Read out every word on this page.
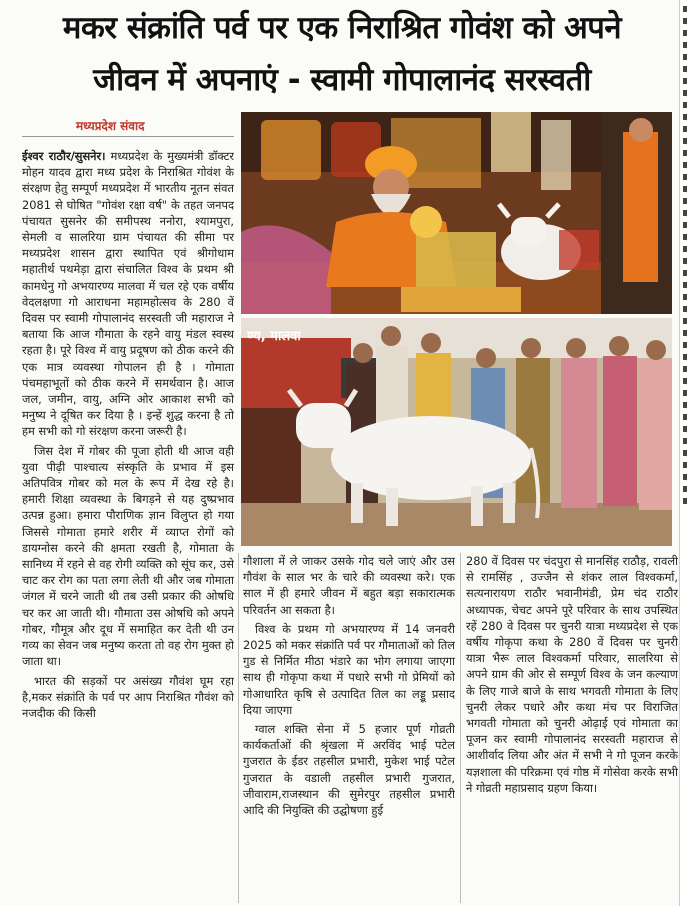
मकर संक्रांति पर्व पर एक निराश्रित गोवंश को अपने
जीवन में अपनाएं - स्वामी गोपालानंद सरस्वती
मध्यप्रदेश संवाद
ण्य, मालवा

ईश्वर राठौर/सुसनेर। मध्यप्रदेश के मुख्यमंत्री डॉक्टर मोहन यादव द्वारा मध्य प्रदेश के निराश्रित गोवंश के संरक्षण हेतु सम्पूर्ण मध्यप्रदेश में भारतीय नूतन संवत 2081 से घोषित "गोवंश रक्षा वर्ष" के तहत जनपद पंचायत सुसनेर की समीपस्थ ननोरा, श्यामपुरा, सेमली व सालरिया ग्राम पंचायत की सीमा पर मध्यप्रदेश शासन द्वारा स्थापित एवं श्रीगोधाम महातीर्थ पथमेड़ा द्वारा संचालित विश्व के प्रथम श्री कामधेनु गो अभयारण्य मालवा में चल रहे एक वर्षीय वेदलक्षणा गो आराधना महामहोत्सव के 280 वें दिवस पर स्वामी गोपालानंद सरस्वती जी महाराज ने बताया कि आज गौमाता के रहने वायु मंडल स्वस्थ रहता है। पूरे विश्व में वायु प्रदूषण को ठीक करने की एक मात्र व्यवस्था गोपालन ही है । गोमाता पंचमहाभूतों को ठीक करने में समर्थवान है। आज जल, जमीन, वायु, अग्नि ओर आकाश सभी को मनुष्य ने दूषित कर दिया है । इन्हें शुद्ध करना है तो हम सभी को गो संरक्षण करना जरूरी है।

जिस देश में गोबर की पूजा होती थी आज वही युवा पीढ़ी पाश्चात्य संस्कृति के प्रभाव में इस अतिपवित्र गोबर को मल के रूप में देख रहे है। हमारी शिक्षा व्यवस्था के बिगड़ने से यह दुष्प्रभाव उत्पन्न हुआ। हमारा पौराणिक ज्ञान विलुप्त हो गया जिससे गोमाता हमारे शरीर में व्याप्त रोगों को डायग्नोस करने की क्षमता रखती है, गोमाता के सानिध्य में रहने से वह रोगी व्यक्ति को सूंघ कर, उसे चाट कर रोग का पता लगा लेती थी और जब गोमाता जंगल में चरने जाती थी तब उसी प्रकार की ओषधि चर कर आ जाती थी। गौमाता उस ओषधि को अपने गोबर, गौमूत्र और दूध में समाहित कर देती थी उन गव्य का सेवन जब मनुष्य करता तो वह रोग मुक्त हो जाता था।

भारत की सड़कों पर असंख्य गौवंश घूम रहा है,मकर संक्रांति के पर्व पर आप निराश्रित गौवंश को नजदीक की किसी

गौशाला में ले जाकर उसके गोद चले जाएं और उस गौवंश के साल भर के चारे की व्यवस्था करे। एक साल में ही हमारे जीवन में बहुत बड़ा सकारात्मक परिवर्तन आ सकता है।

विश्व के प्रथम गो अभयारण्य में 14 जनवरी 2025 को मकर संक्रांति पर्व पर गौमाताओं को तिल गुड से निर्मित मीठा भंडारे का भोग लगाया जाएगा साथ ही गोकृपा कथा में पधारे सभी गो प्रेमियों को गोआधारित कृषि से उत्पादित तिल का लड्डू प्रसाद दिया जाएगा

ग्वाल शक्ति सेना में 5 हजार पूर्ण गोव्रती कार्यकर्ताओं की श्रृंखला में अरविंद भाई पटेल गुजरात के ईडर तहसील प्रभारी, मुकेश भाई पटेल गुजरात के वडाली तहसील प्रभारी गुजरात, जीवाराम,राजस्थान की सुमेरपुर तहसील प्रभारी आदि की नियुक्ति की उद्घोषणा हुई

280 वें दिवस पर चंदपुरा से मानसिंह राठौड़, रावली से रामसिंह , उज्जैन से शंकर लाल विश्वकर्मा, सत्यनारायण राठौर भवानीमंडी, प्रेम चंद राठौर अध्यापक, चेचट अपने पूरे परिवार के साथ उपस्थित रहें 280 वे दिवस पर चुनरी यात्रा मध्यप्रदेश से एक वर्षीय गोकृपा कथा के 280 वें दिवस पर चुनरी यात्रा भैरू लाल विश्वकर्मा परिवार, सालरिया से अपने ग्राम की ओर से सम्पूर्ण विश्व के जन कल्याण के लिए गाजे बाजे के साथ भगवती गोमाता के लिए चुनरी लेकर पधारे और कथा मंच पर विराजित भगवती गोमाता को चुनरी ओढ़ाई एवं गोमाता का पूजन कर स्वामी गोपालानंद सरस्वती महाराज से आशीर्वाद लिया और अंत में सभी ने गो पूजन करके यज्ञशाला की परिक्रमा एवं गोष्ठ में गोसेवा करके सभी ने गोव्रती महाप्रसाद ग्रहण किया।
